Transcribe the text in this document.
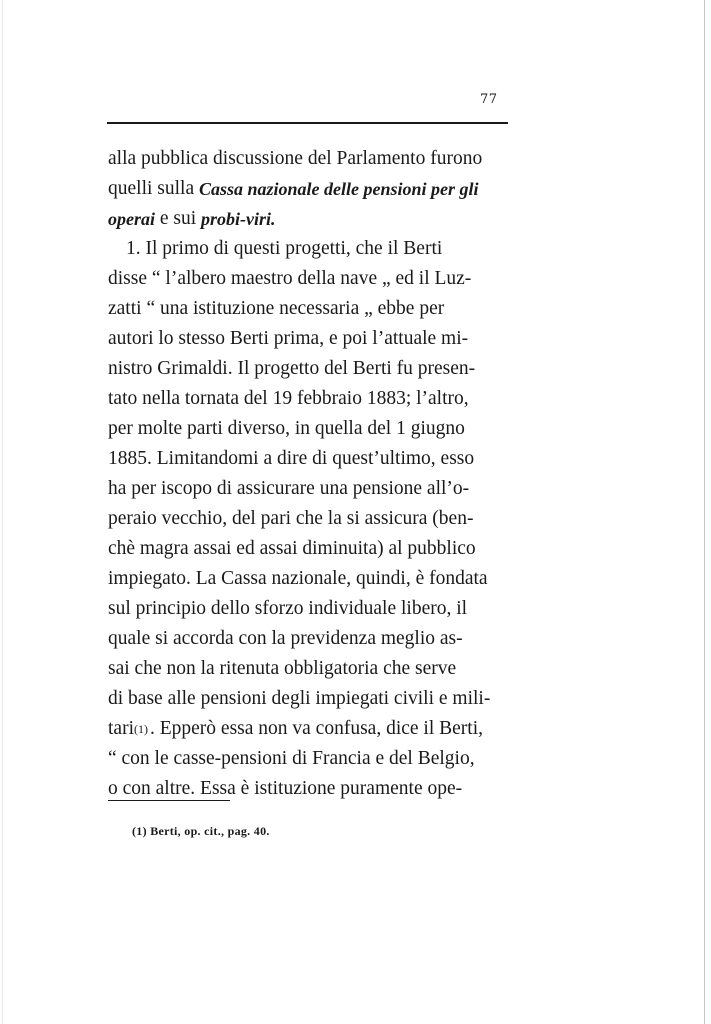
77
alla pubblica discussione del Parlamento furono
quelli sulla Cassa nazionale delle pensioni per gli
operai e sui probi-viri.
1. Il primo di questi progetti, che il Berti
disse “ l’albero maestro della nave „ ed il Luz-
zatti “ una istituzione necessaria „ ebbe per
autori lo stesso Berti prima, e poi l’attuale mi-
nistro Grimaldi. Il progetto del Berti fu presen-
tato nella tornata del 19 febbraio 1883; l’altro,
per molte parti diverso, in quella del 1 giugno
1885. Limitandomi a dire di quest’ultimo, esso
ha per iscopo di assicurare una pensione all’o-
peraio vecchio, del pari che la si assicura (ben-
chè magra assai ed assai diminuita) al pubblico
impiegato. La Cassa nazionale, quindi, è fondata
sul principio dello sforzo individuale libero, il
quale si accorda con la previdenza meglio as-
sai che non la ritenuta obbligatoria che serve
di base alle pensioni degli impiegati civili e mili-
tari (1) . Epperò essa non va confusa, dice il Berti,
“ con le casse-pensioni di Francia e del Belgio,
o con altre. Essa è istituzione puramente ope-
(1) Berti, op. cit., pag. 40.
